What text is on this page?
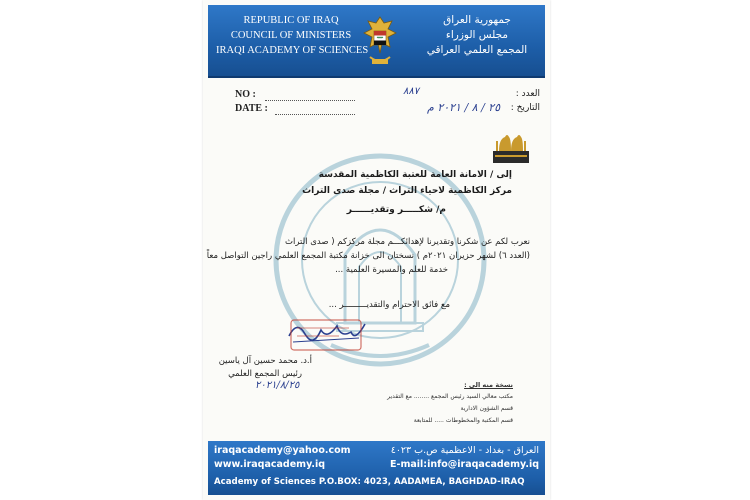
REPUBLIC OF IRAQ
COUNCIL OF MINISTERS
IRAQI ACADEMY OF SCIENCES
جمهورية العراق
مجلس الوزراء
المجمع العلمي العراقي
NO :
DATE :
العدد :
٨٨٧
التاريخ :
٢٥ / ٨ / ٢٠٢١ م
إلى / الامانة العامة للعتبة الكاظمية المقدسة
مركز الكاظمية لاحياء التراث / مجلة صدى التراث
م/ شكـــــر وتقديــــــر
نعرب لكم عن شكرنا وتقديرنا لإهدائكـــم مجلة مركزكم ( صدى التراث
(العدد ٦) لشهر حزيران ٢٠٢١م ) نسختان الى خزانة مكتبة المجمع العلمي راجين التواصل معاً
خدمة للعلم والمسيرة العلمية ...
مع فائق الاحترام والتقديـــــــــر ...
أ.د. محمد حسين آل ياسين
رئيس المجمع العلمي
٢٠٢١/٨/٢٥	نسخة منه الى :
مكتب معالي السيد رئيس المجمع ........ مع التقدير
قسم الشؤون الادارية
قسم المكتبة والمخطوطات ..... للمتابعة
iraqacademy@yahoo.com
www.iraqacademy.iq
العراق - بغداد - الاعظمية ص.ب ٤٠٢٣
E-mail:info@iraqacademy.iq
Academy of Sciences P.O.BOX: 4023, AADAMEA, BAGHDAD-IRAQ
